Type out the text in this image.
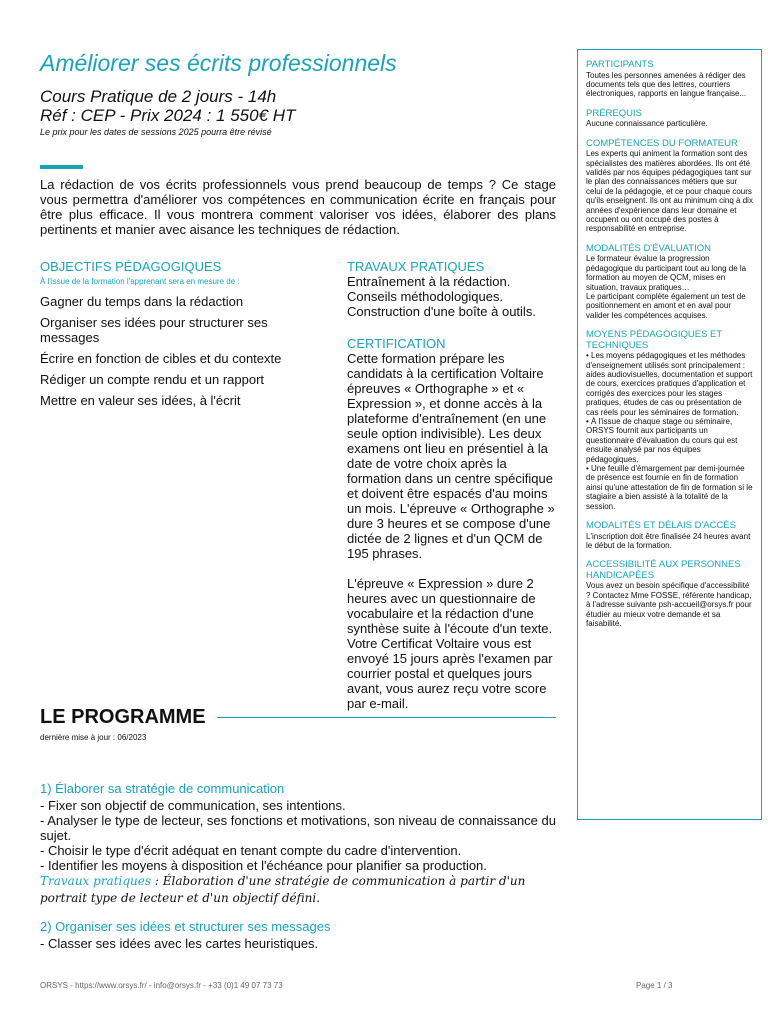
Améliorer ses écrits professionnels
Cours Pratique de 2 jours - 14h
Réf : CEP - Prix 2024 : 1 550€ HT
Le prix pour les dates de sessions 2025 pourra être révisé
La rédaction de vos écrits professionnels vous prend beaucoup de temps ? Ce stage vous permettra d'améliorer vos compétences en communication écrite en français pour être plus efficace. Il vous montrera comment valoriser vos idées, élaborer des plans pertinents et manier avec aisance les techniques de rédaction.
OBJECTIFS PÉDAGOGIQUES
À l'issue de la formation l'apprenant sera en mesure de :
Gagner du temps dans la rédaction
Organiser ses idées pour structurer ses messages
Écrire en fonction de cibles et du contexte
Rédiger un compte rendu et un rapport
Mettre en valeur ses idées, à l'écrit
TRAVAUX PRATIQUES
Entraînement à la rédaction. Conseils méthodologiques. Construction d'une boîte à outils.
CERTIFICATION
Cette formation prépare les candidats à la certification Voltaire épreuves « Orthographe » et « Expression », et donne accès à la plateforme d'entraînement (en une seule option indivisible). Les deux examens ont lieu en présentiel à la date de votre choix après la formation dans un centre spécifique et doivent être espacés d'au moins un mois. L'épreuve « Orthographe » dure 3 heures et se compose d'une dictée de 2 lignes et d'un QCM de 195 phrases.
L'épreuve « Expression » dure 2 heures avec un questionnaire de vocabulaire et la rédaction d'une synthèse suite à l'écoute d'un texte. Votre Certificat Voltaire vous est envoyé 15 jours après l'examen par courrier postal et quelques jours avant, vous aurez reçu votre score par e-mail.
LE PROGRAMME
dernière mise à jour : 06/2023
1) Élaborer sa stratégie de communication
- Fixer son objectif de communication, ses intentions.
- Analyser le type de lecteur, ses fonctions et motivations, son niveau de connaissance du sujet.
- Choisir le type d'écrit adéquat en tenant compte du cadre d'intervention.
- Identifier les moyens à disposition et l'échéance pour planifier sa production.
Travaux pratiques : Élaboration d'une stratégie de communication à partir d'un portrait type de lecteur et d'un objectif défini.
2) Organiser ses idées et structurer ses messages
- Classer ses idées avec les cartes heuristiques.
PARTICIPANTS
Toutes les personnes amenées à rédiger des documents tels que des lettres, courriers électroniques, rapports en langue française...
PRÉREQUIS
Aucune connaissance particulière.
COMPÉTENCES DU FORMATEUR
Les experts qui animent la formation sont des spécialistes des matières abordées. Ils ont été validés par nos équipes pédagogiques tant sur le plan des connaissances métiers que sur celui de la pédagogie, et ce pour chaque cours qu'ils enseignent. Ils ont au minimum cinq à dix années d'expérience dans leur domaine et occupent ou ont occupé des postes à responsabilité en entreprise.
MODALITÉS D'ÉVALUATION
Le formateur évalue la progression pédagogique du participant tout au long de la formation au moyen de QCM, mises en situation, travaux pratiques…
Le participant complète également un test de positionnement en amont et en aval pour valider les compétences acquises.
MOYENS PÉDAGOGIQUES ET TECHNIQUES
• Les moyens pédagogiques et les méthodes d'enseignement utilisés sont principalement : aides audiovisuelles, documentation et support de cours, exercices pratiques d'application et corrigés des exercices pour les stages pratiques, études de cas ou présentation de cas réels pour les séminaires de formation.
• À l'issue de chaque stage ou séminaire, ORSYS fournit aux participants un questionnaire d'évaluation du cours qui est ensuite analysé par nos équipes pédagogiques.
• Une feuille d'émargement par demi-journée de présence est fournie en fin de formation ainsi qu'une attestation de fin de formation si le stagiaire a bien assisté à la totalité de la session.
MODALITÉS ET DÉLAIS D'ACCÈS
L'inscription doit être finalisée 24 heures avant le début de la formation.
ACCESSIBILITÉ AUX PERSONNES HANDICAPÉES
Vous avez un besoin spécifique d'accessibilité ? Contactez Mme FOSSE, référente handicap, à l'adresse suivante psh-accueil@orsys.fr pour étudier au mieux votre demande et sa faisabilité.
ORSYS - https://www.orsys.fr/ - info@orsys.fr - +33 (0)1 49 07 73 73	Page 1 / 3
